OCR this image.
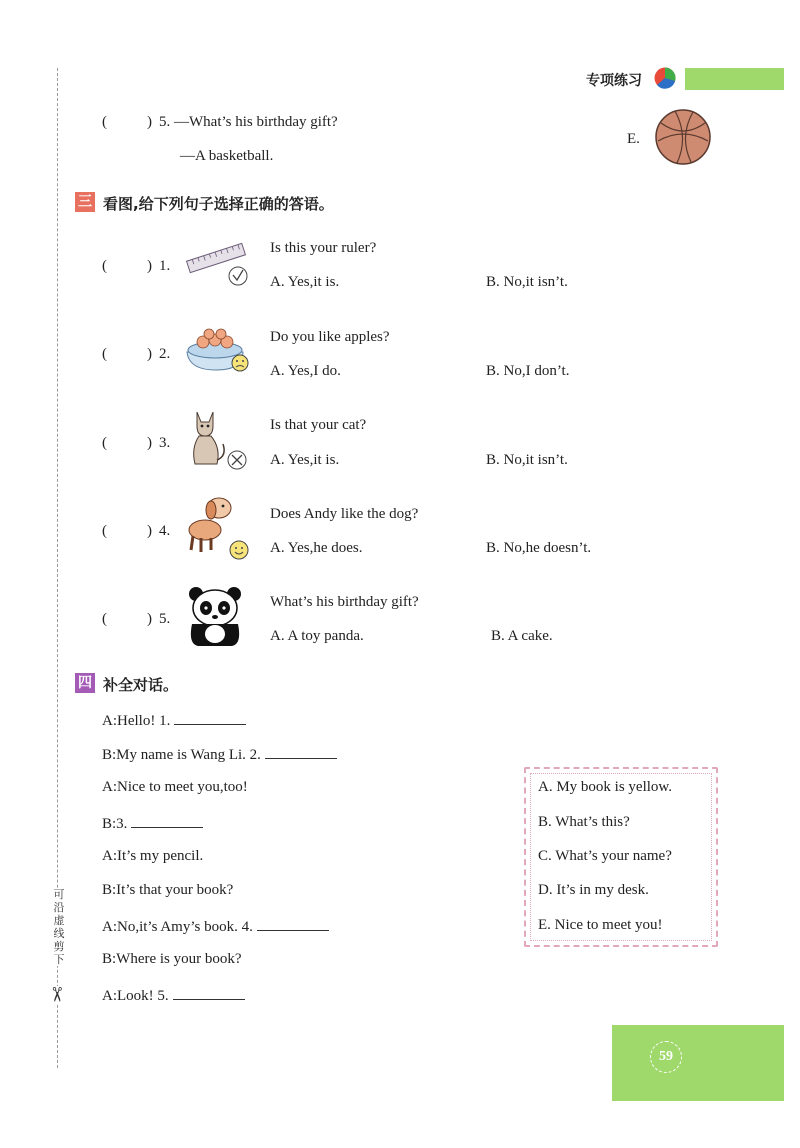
可
沿
虚
线
剪
下
✂
专项练习
(	) 5. —What’s his birthday gift?
—A basketball.
E.
三 看图,给下列句子选择正确的答语。
(	) 1.
Is this your ruler?
A. Yes,it is.	B. No,it isn’t.
(	) 2.
Do you like apples?
A. Yes,I do.	B. No,I don’t.
(	) 3.
Is that your cat?
A. Yes,it is.	B. No,it isn’t.
(	) 4.
Does Andy like the dog?
A. Yes,he does.	B. No,he doesn’t.
(	) 5.
What’s his birthday gift?
A. A toy panda.	B. A cake.
四 补全对话。
A:Hello! 1.
B:My name is Wang Li. 2.
A:Nice to meet you,too!
B:3.
A:It’s my pencil.
B:It’s that your book?
A:No,it’s Amy’s book. 4.
B:Where is your book?
A:Look! 5.
A. My book is yellow.
B. What’s this?
C. What’s your name?
D. It’s in my desk.
E. Nice to meet you!
59
